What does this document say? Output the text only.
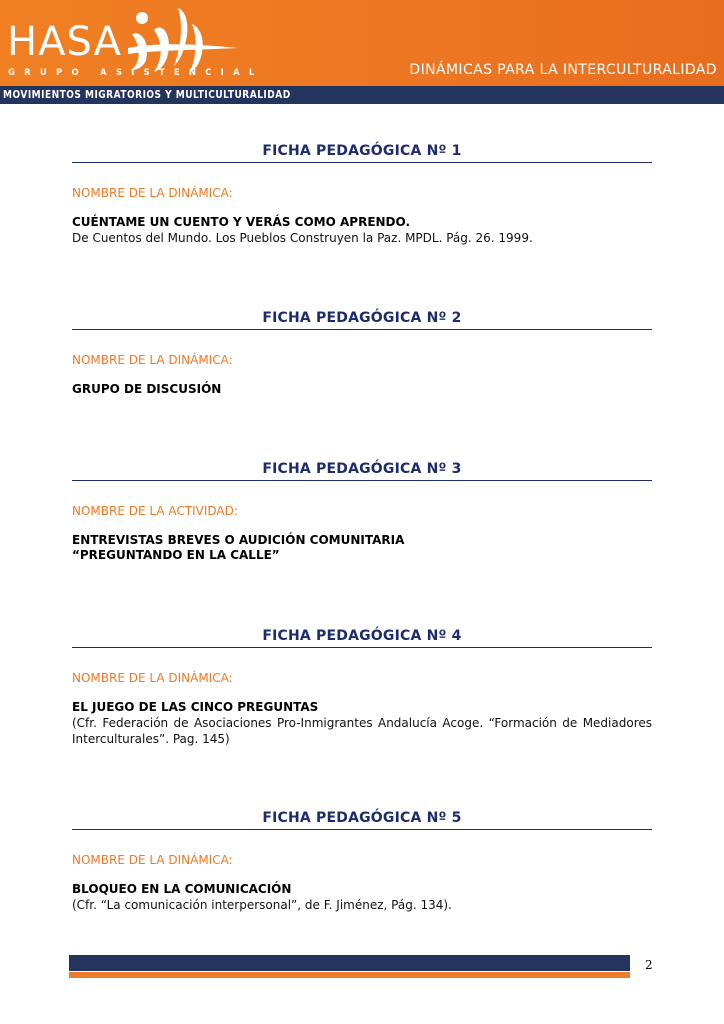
HASA
GRUPO ASISTENCIAL	DINÁMICAS PARA LA INTERCULTURALIDAD
MOVIMIENTOS MIGRATORIOS Y MULTICULTURALIDAD
FICHA PEDAGÓGICA Nº 1
NOMBRE DE LA DINÁMICA:
CUÉNTAME UN CUENTO Y VERÁS COMO APRENDO.
De Cuentos del Mundo. Los Pueblos Construyen la Paz. MPDL. Pág. 26. 1999.
FICHA PEDAGÓGICA Nº 2
NOMBRE DE LA DINÁMICA:
GRUPO DE DISCUSIÓN
FICHA PEDAGÓGICA Nº 3
NOMBRE DE LA ACTIVIDAD:
ENTREVISTAS BREVES O AUDICIÓN COMUNITARIA
“PREGUNTANDO EN LA CALLE”
FICHA PEDAGÓGICA Nº 4
NOMBRE DE LA DINÁMICA:
EL JUEGO DE LAS CINCO PREGUNTAS
(Cfr. Federación de Asociaciones Pro-Inmigrantes Andalucía Acoge. “Formación de Mediadores Interculturales”. Pag. 145)
FICHA PEDAGÓGICA Nº 5
NOMBRE DE LA DINÁMICA:
BLOQUEO EN LA COMUNICACIÓN
(Cfr. “La comunicación interpersonal”, de F. Jiménez, Pág. 134).
2
